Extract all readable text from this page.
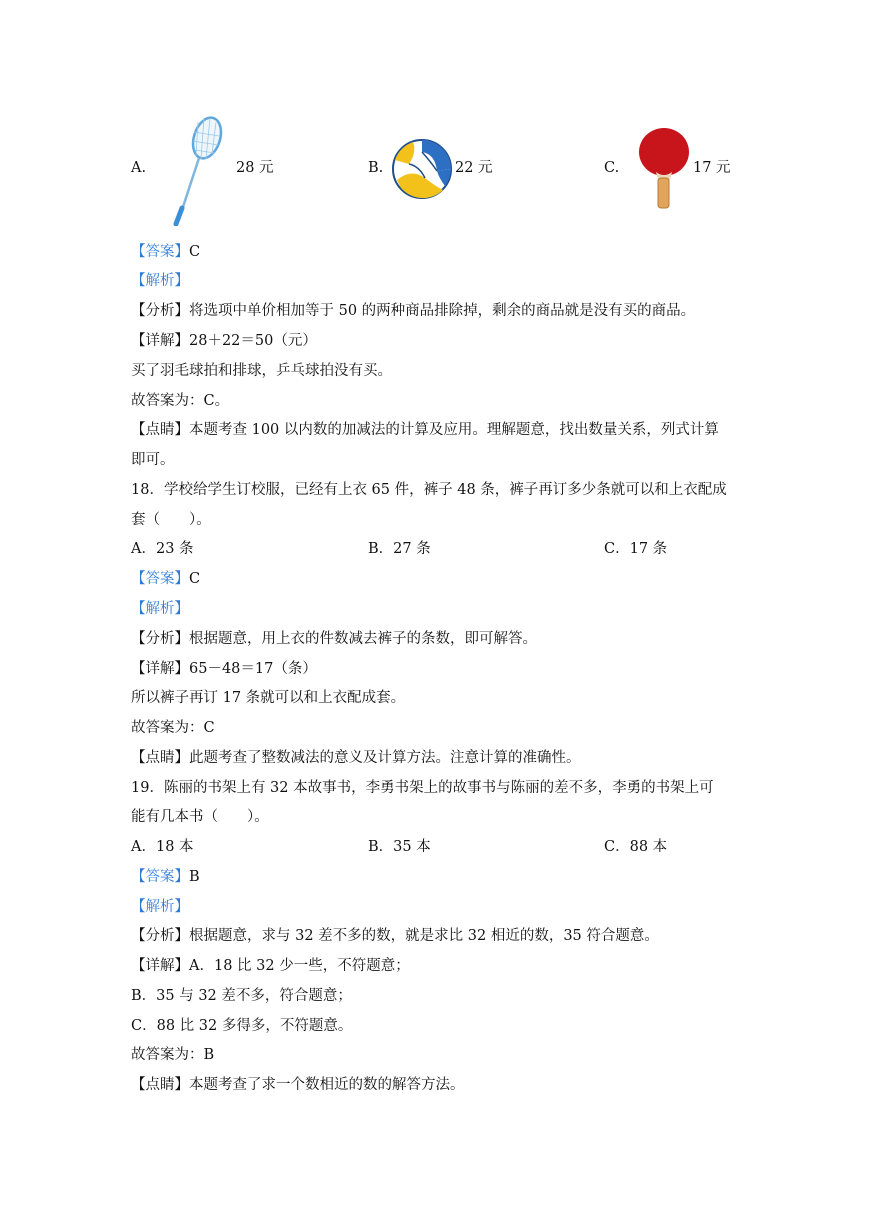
A.	28 元	B.	22 元	C.	17 元
【答案】C
【解析】
【分析】将选项中单价相加等于 50 的两种商品排除掉，剩余的商品就是没有买的商品。
【详解】28＋22＝50（元）
买了羽毛球拍和排球，乒乓球拍没有买。
故答案为：C。
【点睛】本题考查 100 以内数的加减法的计算及应用。理解题意，找出数量关系，列式计算
即可。
18．学校给学生订校服，已经有上衣 65 件，裤子 48 条，裤子再订多少条就可以和上衣配成
套（　　）。
A．23 条	B．27 条	C．17 条
【答案】C
【解析】
【分析】根据题意，用上衣的件数减去裤子的条数，即可解答。
【详解】65－48＝17（条）
所以裤子再订 17 条就可以和上衣配成套。
故答案为：C
【点睛】此题考查了整数减法的意义及计算方法。注意计算的准确性。
19．陈丽的书架上有 32 本故事书，李勇书架上的故事书与陈丽的差不多，李勇的书架上可
能有几本书（　　）。
A．18 本	B．35 本	C．88 本
【答案】B
【解析】
【分析】根据题意，求与 32 差不多的数，就是求比 32 相近的数，35 符合题意。
【详解】A．18 比 32 少一些，不符题意；
B．35 与 32 差不多，符合题意；
C．88 比 32 多得多，不符题意。
故答案为：B
【点睛】本题考查了求一个数相近的数的解答方法。
